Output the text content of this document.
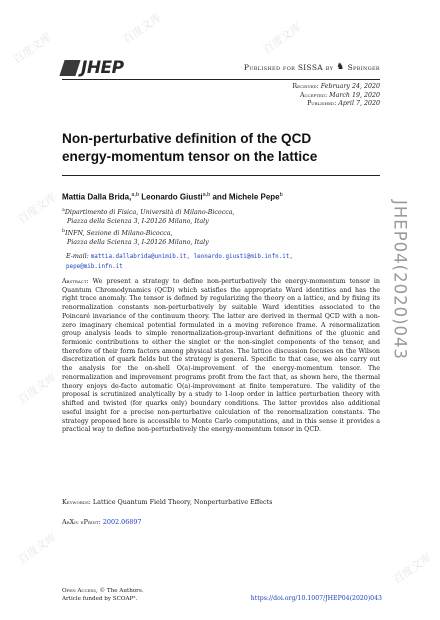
百度文库
百度文库	百度文库
百度文库
百度文库
百度文库
百度文库
JHEP	Published for SISSA by ♞ Springer
Received: February 24, 2020
Accepted: March 19, 2020
Published: April 7, 2020
Non-perturbative definition of the QCD
energy-momentum tensor on the lattice
JHEP04(2020)043
Mattia Dalla Brida,$^{a,b}$ Leonardo Giusti$^{a,b}$ and Michele Pepe$^b$
$^a$Dipartimento di Fisica, Università di Milano-Bicocca,
Piazza della Scienza 3, I-20126 Milano, Italy
$^b$INFN, Sezione di Milano-Bicocca,
Piazza della Scienza 3, I-20126 Milano, Italy
E-mail: mattia.dallabrida@unimib.it, leonardo.giusti@mib.infn.it,
pepe@mib.infn.it
Abstract: We present a strategy to define non-perturbatively the energy-momentum tensor in Quantum Chromodynamics (QCD) which satisfies the appropriate Ward identities and has the right trace anomaly. The tensor is defined by regularizing the theory on a lattice, and by fixing its renormalization constants non-perturbatively by suitable Ward identities associated to the Poincaré invariance of the continuum theory. The latter are derived in thermal QCD with a non-zero imaginary chemical potential formulated in a moving reference frame. A renormalization group analysis leads to simple renormalization-group-invariant definitions of the gluonic and fermionic contributions to either the singlet or the non-singlet components of the tensor, and therefore of their form factors among physical states. The lattice discussion focuses on the Wilson discretization of quark fields but the strategy is general. Specific to that case, we also carry out the analysis for the on-shell O(a)-improvement of the energy-momentum tensor. The renormalization and improvement programs profit from the fact that, as shown here, the thermal theory enjoys de-facto automatic O(a)-improvement at finite temperature. The validity of the proposal is scrutinized analytically by a study to 1-loop order in lattice perturbation theory with shifted and twisted (for quarks only) boundary conditions. The latter provides also additional useful insight for a precise non-perturbative calculation of the renormalization constants. The strategy proposed here is accessible to Monte Carlo computations, and in this sense it provides a practical way to define non-perturbatively the energy-momentum tensor in QCD.
Keywords: Lattice Quantum Field Theory, Nonperturbative Effects
ArXiv ePrint: 2002.06897
Open Access, © The Authors.
Article funded by SCOAP³.	https://doi.org/10.1007/JHEP04(2020)043
